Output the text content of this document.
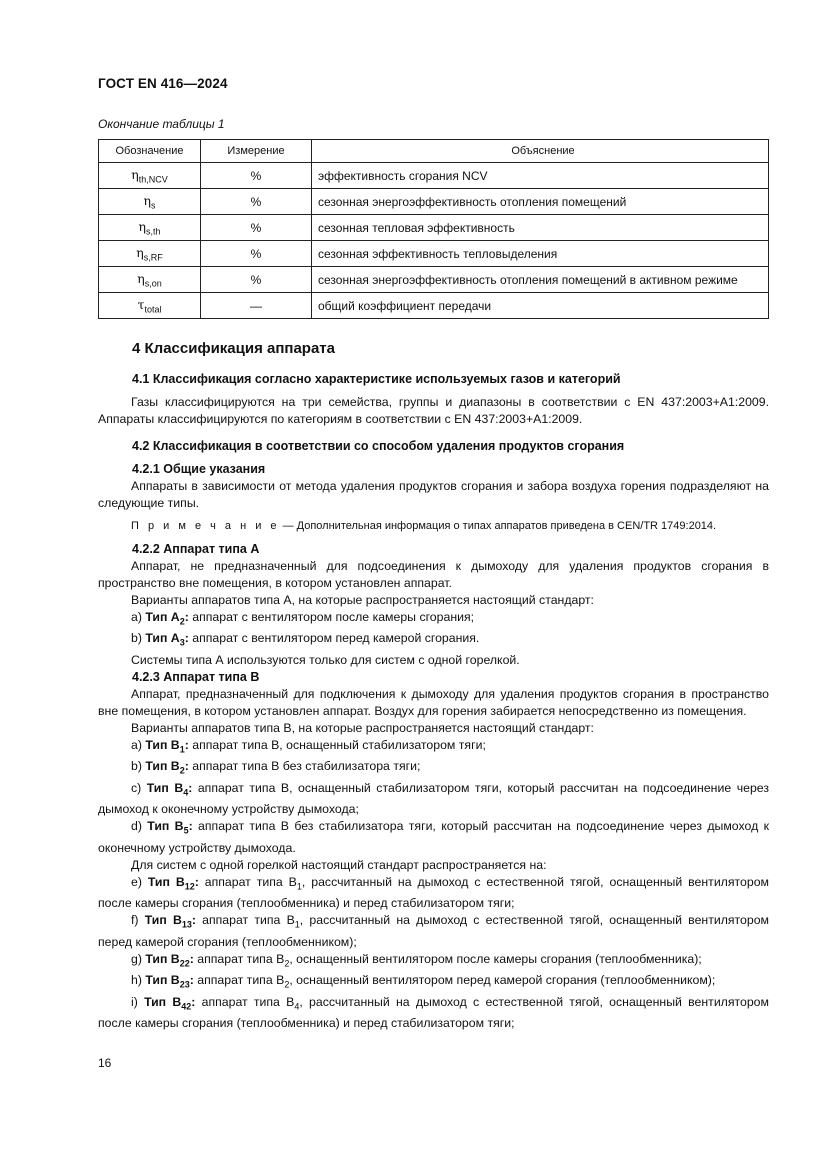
ГОСТ EN 416—2024
Окончание таблицы 1
Обозначение	Измерение	Объяснение
$\eta_{th,NCV}$	%	эффективность сгорания NCV
$\eta_s$	%	сезонная энергоэффективность отопления помещений
$\eta_{s,th}$	%	сезонная тепловая эффективность
$\eta_{s,RF}$	%	сезонная эффективность тепловыделения
$\eta_{s,on}$	%	сезонная энергоэффективность отопления помещений в активном режиме
$\tau_{total}$	—	общий коэффициент передачи

4 Классификация аппарата

4.1 Классификация согласно характеристике используемых газов и категорий

Газы классифицируются на три семейства, группы и диапазоны в соответствии с EN 437:2003+A1:2009. Аппараты классифицируются по категориям в соответствии с EN 437:2003+A1:2009.

4.2 Классификация в соответствии со способом удаления продуктов сгорания

4.2.1 Общие указания

Аппараты в зависимости от метода удаления продуктов сгорания и забора воздуха горения подразделяют на следующие типы.

П р и м е ч а н и е — Дополнительная информация о типах аппаратов приведена в CEN/TR 1749:2014.

4.2.2 Аппарат типа A

Аппарат, не предназначенный для подсоединения к дымоходу для удаления продуктов сгорания в пространство вне помещения, в котором установлен аппарат.

Варианты аппаратов типа А, на которые распространяется настоящий стандарт:

a) Тип $А_2$: аппарат с вентилятором после камеры сгорания;

b) Тип $А_3$: аппарат с вентилятором перед камерой сгорания.

Системы типа А используются только для систем с одной горелкой.

4.2.3 Аппарат типа B

Аппарат, предназначенный для подключения к дымоходу для удаления продуктов сгорания в пространство вне помещения, в котором установлен аппарат. Воздух для горения забирается непосредственно из помещения.

Варианты аппаратов типа В, на которые распространяется настоящий стандарт:

a) Тип $В_1$: аппарат типа В, оснащенный стабилизатором тяги;

b) Тип $В_2$: аппарат типа В без стабилизатора тяги;

c) Тип $В_4$: аппарат типа В, оснащенный стабилизатором тяги, который рассчитан на подсоединение через дымоход к оконечному устройству дымохода;

d) Тип $В_5$: аппарат типа В без стабилизатора тяги, который рассчитан на подсоединение через дымоход к оконечному устройству дымохода.

Для систем с одной горелкой настоящий стандарт распространяется на:

e) Тип $В_{12}$: аппарат типа $В_1$, рассчитанный на дымоход с естественной тягой, оснащенный вентилятором после камеры сгорания (теплообменника) и перед стабилизатором тяги;

f) Тип $В_{13}$: аппарат типа $В_1$, рассчитанный на дымоход с естественной тягой, оснащенный вентилятором перед камерой сгорания (теплообменником);

g) Тип $В_{22}$: аппарат типа $В_2$, оснащенный вентилятором после камеры сгорания (теплообменника);

h) Тип $В_{23}$: аппарат типа $В_2$, оснащенный вентилятором перед камерой сгорания (теплообменником);

i) Тип $В_{42}$: аппарат типа $В_4$, рассчитанный на дымоход с естественной тягой, оснащенный вентилятором после камеры сгорания (теплообменника) и перед стабилизатором тяги;

16
